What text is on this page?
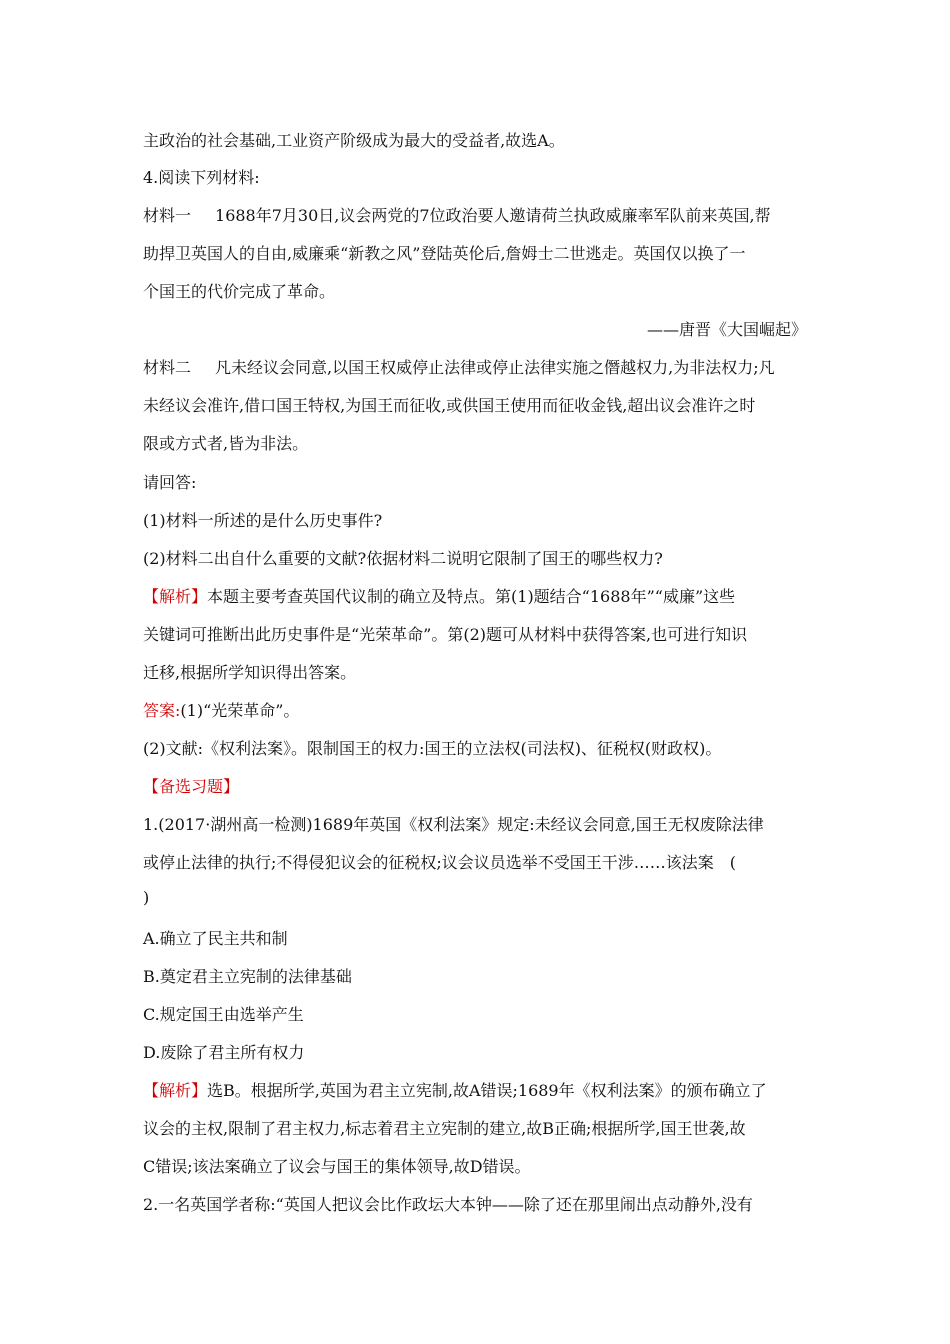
主政治的社会基础,工业资产阶级成为最大的受益者,故选A。
4.阅读下列材料:
材料一 1688年7月30日,议会两党的7位政治要人邀请荷兰执政威廉率军队前来英国,帮
助捍卫英国人的自由,威廉乘“新教之风”登陆英伦后,詹姆士二世逃走。英国仅以换了一
个国王的代价完成了革命。
——唐晋《大国崛起》
材料二 凡未经议会同意,以国王权威停止法律或停止法律实施之僭越权力,为非法权力;凡
未经议会准许,借口国王特权,为国王而征收,或供国王使用而征收金钱,超出议会准许之时
限或方式者,皆为非法。
请回答:
(1)材料一所述的是什么历史事件?
(2)材料二出自什么重要的文献?依据材料二说明它限制了国王的哪些权力?
【解析】本题主要考查英国代议制的确立及特点。第(1)题结合“1688年”“威廉”这些
关键词可推断出此历史事件是“光荣革命”。第(2)题可从材料中获得答案,也可进行知识
迁移,根据所学知识得出答案。
答案:(1)“光荣革命”。
(2)文献:《权利法案》。限制国王的权力:国王的立法权(司法权)、征税权(财政权)。
【备选习题】
1.(2017·湖州高一检测)1689年英国《权利法案》规定:未经议会同意,国王无权废除法律
或停止法律的执行;不得侵犯议会的征税权;议会议员选举不受国王干涉……该法案　(
)
A.确立了民主共和制
B.奠定君主立宪制的法律基础
C.规定国王由选举产生
D.废除了君主所有权力
【解析】选B。根据所学,英国为君主立宪制,故A错误;1689年《权利法案》的颁布确立了
议会的主权,限制了君主权力,标志着君主立宪制的建立,故B正确;根据所学,国王世袭,故
C错误;该法案确立了议会与国王的集体领导,故D错误。
2.一名英国学者称:“英国人把议会比作政坛大本钟——除了还在那里闹出点动静外,没有
